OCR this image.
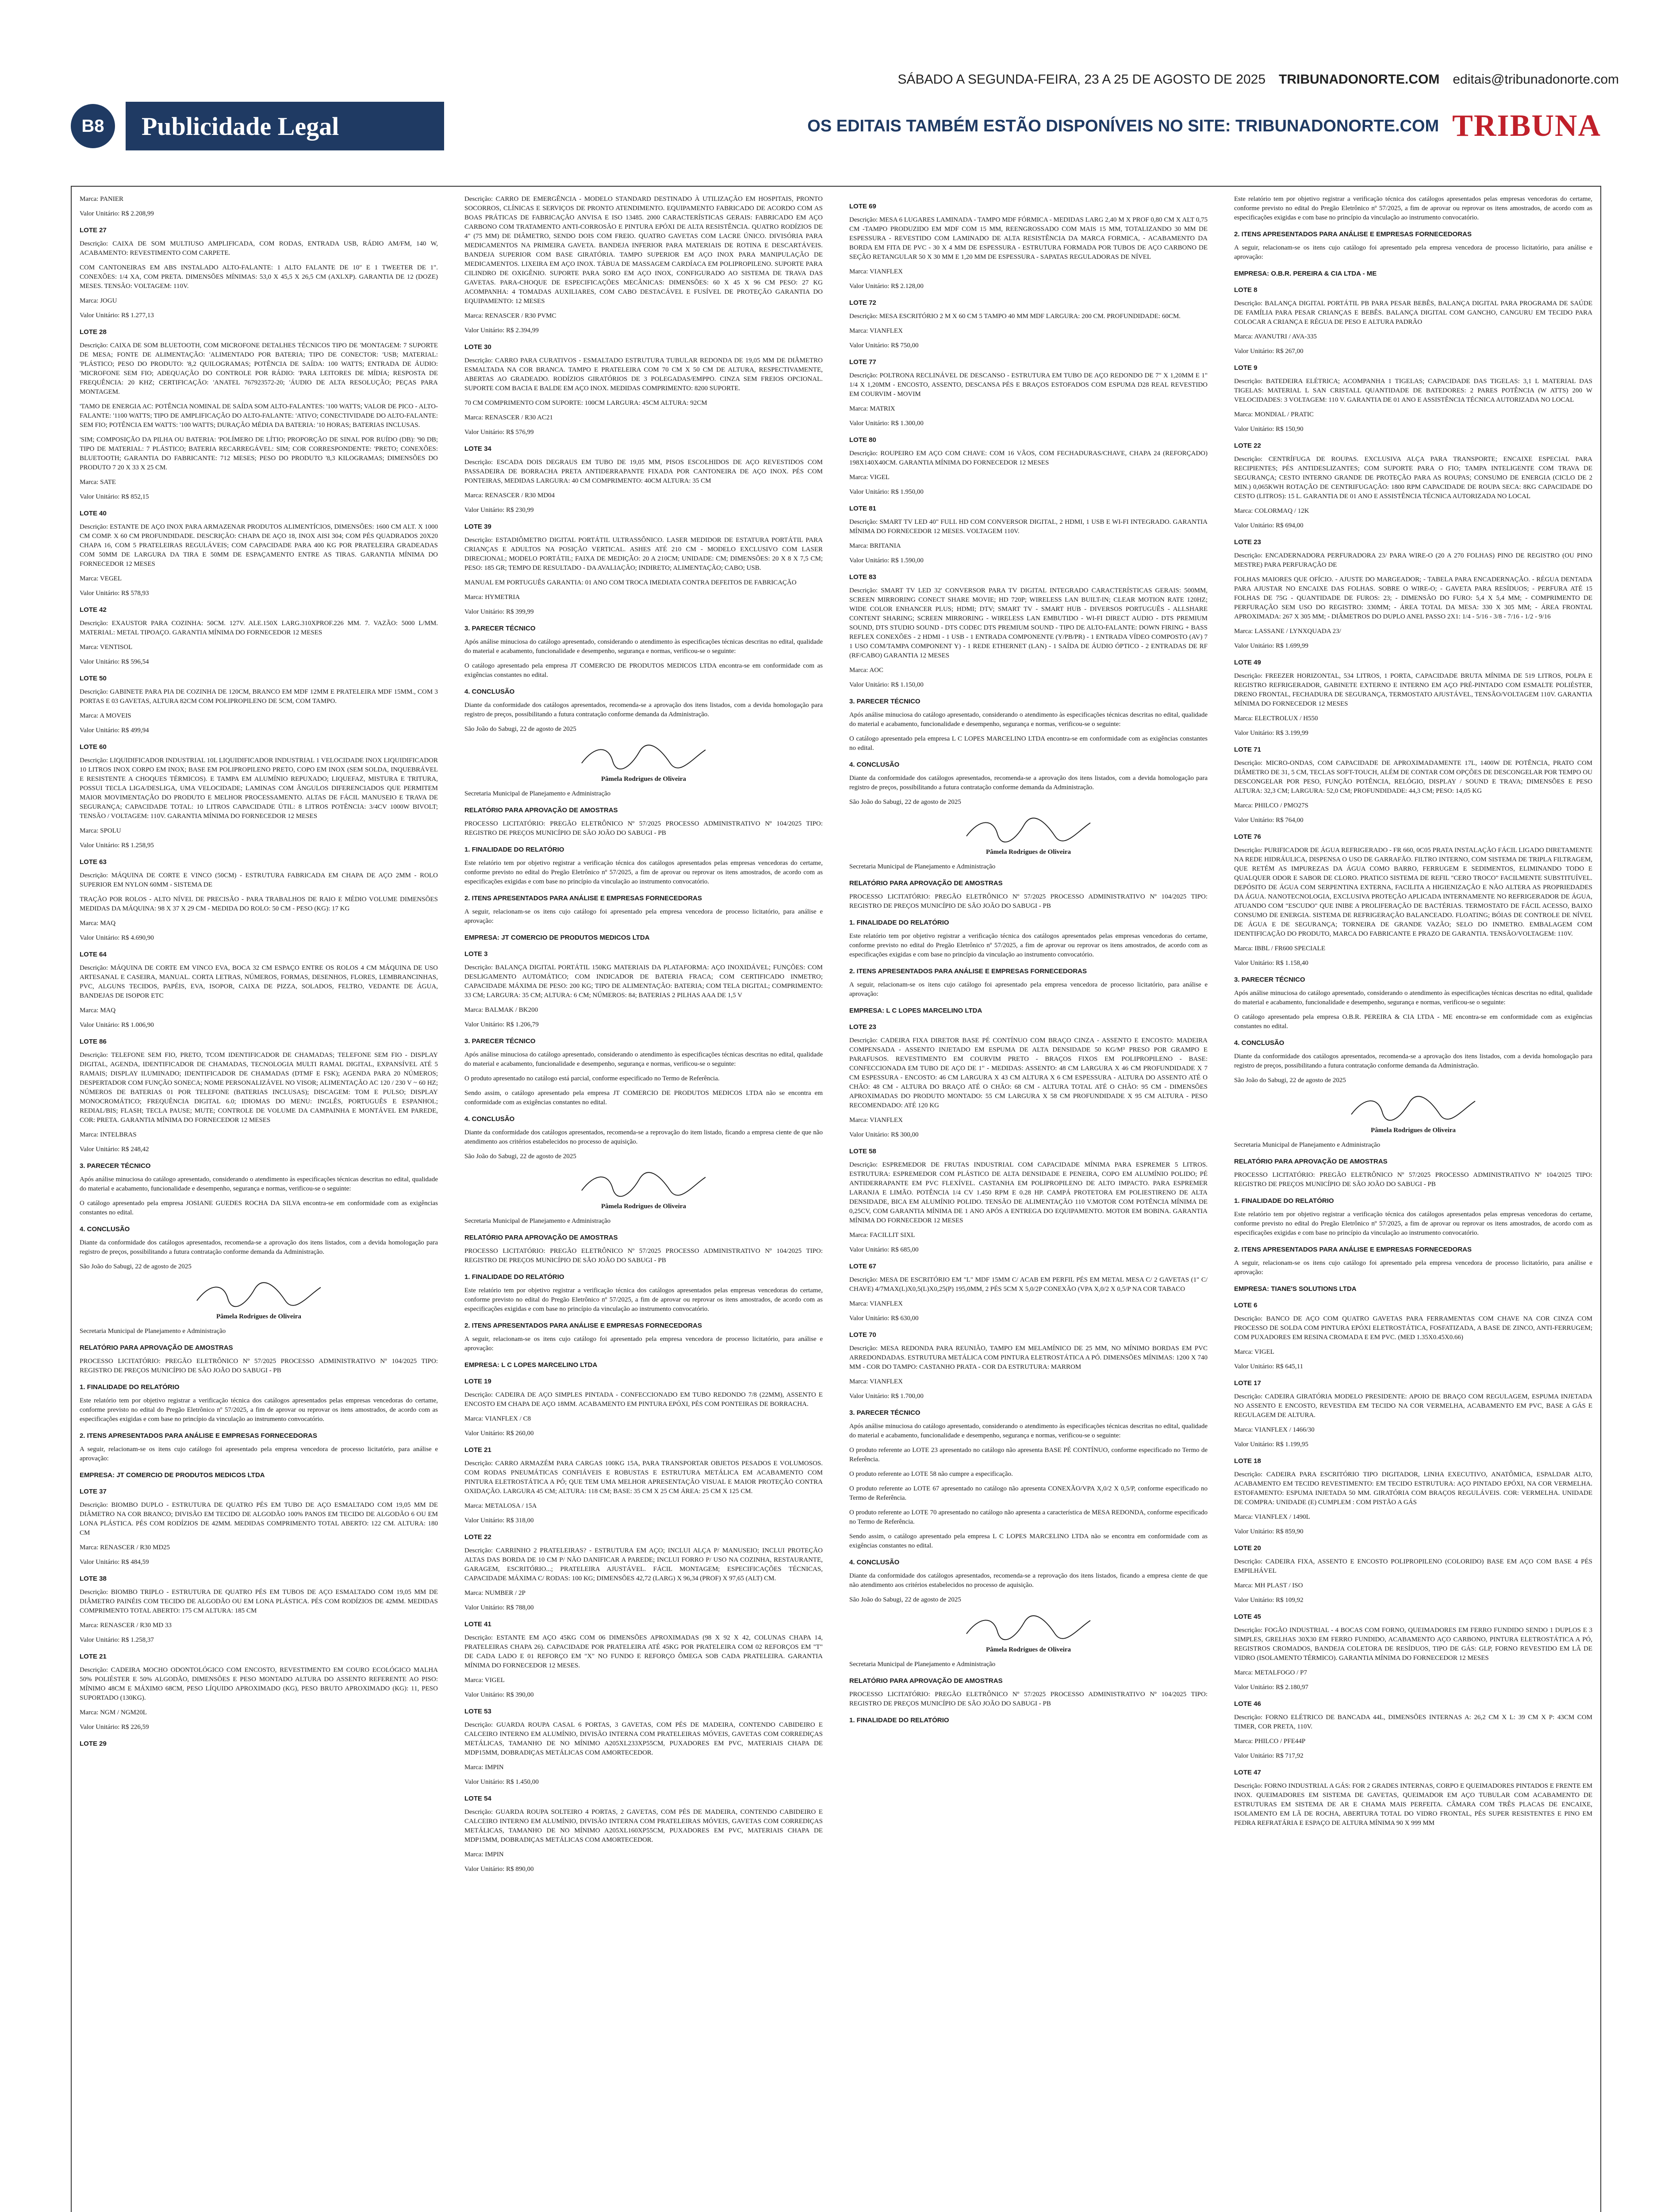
SÁBADO A SEGUNDA-FEIRA, 23 A 25 DE AGOSTO DE 2025 TRIBUNADONORTE.COM editais@tribunadonorte.com
B8	Publicidade Legal	OS EDITAIS TAMBÉM ESTÃO DISPONÍVEIS NO SITE: TRIBUNADONORTE.COM TRIBUNA

Marca: PANIER

Valor Unitário: R$ 2.208,99

LOTE 27

Descrição: CAIXA DE SOM MULTIUSO AMPLIFICADA, COM RODAS, ENTRADA USB, RÁDIO AM/FM, 140 W, ACABAMENTO: REVESTIMENTO COM CARPETE.

COM CANTONEIRAS EM ABS INSTALADO ALTO-FALANTE: 1 ALTO FALANTE DE 10" E 1 TWEETER DE 1". CONEXÕES: 1/4 XA, COM PRETA. DIMENSÕES MÍNIMAS: 53,0 X 45,5 X 26,5 CM (AXLXP). GARANTIA DE 12 (DOZE) MESES. TENSÃO: VOLTAGEM: 110V.

Marca: JOGU

Valor Unitário: R$ 1.277,13

LOTE 28

Descrição: CAIXA DE SOM BLUETOOTH, COM MICROFONE DETALHES TÉCNICOS TIPO DE 'MONTAGEM: 7 SUPORTE DE MESA; FONTE DE ALIMENTAÇÃO: 'ALIMENTADO POR BATERIA; TIPO DE CONECTOR: 'USB; MATERIAL: 'PLÁSTICO; PESO DO PRODUTO: '8,2 QUILOGRAMAS; POTÊNCIA DE SAÍDA: 100 WATTS; ENTRADA DE ÁUDIO: 'MICROFONE SEM FIO; ADEQUAÇÃO DO CONTROLE POR RÁDIO: 'PARA LEITORES DE MÍDIA; RESPOSTA DE FREQUÊNCIA: 20 KHZ; CERTIFICAÇÃO: 'ANATEL 767923572-20; 'ÁUDIO DE ALTA RESOLUÇÃO; PEÇAS PARA MONTAGEM.

'TAMO DE ENERGIA AC: POTÊNCIA NOMINAL DE SAÍDA SOM ALTO-FALANTES: '100 WATTS; VALOR DE PICO - ALTO-FALANTE: '1100 WATTS; TIPO DE AMPLIFICAÇÃO DO ALTO-FALANTE: 'ATIVO; CONECTIVIDADE DO ALTO-FALANTE: SEM FIO; POTÊNCIA EM WATTS: '100 WATTS; DURAÇÃO MÉDIA DA BATERIA: '10 HORAS; BATERIAS INCLUSAS.

'SIM; COMPOSIÇÃO DA PILHA OU BATERIA: 'POLÍMERO DE LÍTIO; PROPORÇÃO DE SINAL POR RUÍDO (DB): '90 DB; TIPO DE MATERIAL: 7 PLÁSTICO; BATERIA RECARREGÁVEL: SIM; COR CORRESPONDENTE: 'PRETO; CONEXÕES: BLUETOOTH; GARANTIA DO FABRICANTE: 712 MESES; PESO DO PRODUTO '8,3 KILOGRAMAS; DIMENSÕES DO PRODUTO 7 20 X 33 X 25 CM.

Marca: SATE

Valor Unitário: R$ 852,15

LOTE 40

Descrição: ESTANTE DE AÇO INOX PARA ARMAZENAR PRODUTOS ALIMENTÍCIOS, DIMENSÕES: 1600 CM ALT. X 1000 CM COMP. X 60 CM PROFUNDIDADE. DESCRIÇÃO: CHAPA DE AÇO 18, INOX AISI 304; COM PÉS QUADRADOS 20X20 CHAPA 16, COM 5 PRATELEIRAS REGULÁVEIS; COM CAPACIDADE PARA 400 KG POR PRATELEIRA GRADEADAS COM 50MM DE LARGURA DA TIRA E 50MM DE ESPAÇAMENTO ENTRE AS TIRAS. GARANTIA MÍNIMA DO FORNECEDOR 12 MESES

Marca: VEGEL

Valor Unitário: R$ 578,93

LOTE 42

Descrição: EXAUSTOR PARA COZINHA: 50CM. 127V. ALE.150X LARG.310XPROF.226 MM. 7. VAZÃO: 5000 L/MM. MATERIAL: METAL TIPOAÇO. GARANTIA MÍNIMA DO FORNECEDOR 12 MESES

Marca: VENTISOL

Valor Unitário: R$ 596,54

LOTE 50

Descrição: GABINETE PARA PIA DE COZINHA DE 120CM, BRANCO EM MDF 12MM E PRATELEIRA MDF 15MM., COM 3 PORTAS E 03 GAVETAS, ALTURA 82CM COM POLIPROPILENO DE 5CM, COM TAMPO.

Marca: A MOVEIS

Valor Unitário: R$ 499,94

LOTE 60

Descrição: LIQUIDIFICADOR INDUSTRIAL 10L LIQUIDIFICADOR INDUSTRIAL 1 VELOCIDADE INOX LIQUIDIFICADOR 10 LITROS INOX CORPO EM INOX; BASE EM POLIPROPILENO PRETO, COPO EM INOX (SEM SOLDA, INQUEBRÁVEL E RESISTENTE A CHOQUES TÉRMICOS). E TAMPA EM ALUMÍNIO REPUXADO; LIQUEFAZ, MISTURA E TRITURA, POSSUI TECLA LIGA/DESLIGA, UMA VELOCIDADE; LAMINAS COM ÂNGULOS DIFERENCIADOS QUE PERMITEM MAIOR MOVIMENTAÇÃO DO PRODUTO E MELHOR PROCESSAMENTO. ALTAS DE FÁCIL MANUSEIO E TRAVA DE SEGURANÇA; CAPACIDADE TOTAL: 10 LITROS CAPACIDADE ÚTIL: 8 LITROS POTÊNCIA: 3/4CV 1000W BIVOLT; TENSÃO / VOLTAGEM: 110V. GARANTIA MÍNIMA DO FORNECEDOR 12 MESES

Marca: SPOLU

Valor Unitário: R$ 1.258,95

LOTE 63

Descrição: MÁQUINA DE CORTE E VINCO (50CM) - ESTRUTURA FABRICADA EM CHAPA DE AÇO 2MM - ROLO SUPERIOR EM NYLON 60MM - SISTEMA DE

TRAÇÃO POR ROLOS - ALTO NÍVEL DE PRECISÃO - PARA TRABALHOS DE RAIO E MÉDIO VOLUME DIMENSÕES MEDIDAS DA MÁQUINA: 98 X 37 X 29 CM - MEDIDA DO ROLO: 50 CM - PESO (KG): 17 KG

Marca: MAQ

Valor Unitário: R$ 4.690,90

LOTE 64

Descrição: MÁQUINA DE CORTE EM VINCO EVA, BOCA 32 CM ESPAÇO ENTRE OS ROLOS 4 CM MÁQUINA DE USO ARTESANAL E CASEIRA, MANUAL. CORTA LETRAS, NÚMEROS, FORMAS, DESENHOS, FLORES, LEMBRANCINHAS, PVC, ALGUNS TECIDOS, PAPÉIS, EVA, ISOPOR, CAIXA DE PIZZA, SOLADOS, FELTRO, VEDANTE DE ÁGUA, BANDEJAS DE ISOPOR ETC

Marca: MAQ

Valor Unitário: R$ 1.006,90

LOTE 86

Descrição: TELEFONE SEM FIO, PRETO, TCOM IDENTIFICADOR DE CHAMADAS; TELEFONE SEM FIO - DISPLAY DIGITAL, AGENDA, IDENTIFICADOR DE CHAMADAS, TECNOLOGIA MULTI RAMAL DIGITAL, EXPANSÍVEL ATÉ 5 RAMAIS; DISPLAY ILUMINADO; IDENTIFICADOR DE CHAMADAS (DTMF E FSK); AGENDA PARA 20 NÚMEROS; DESPERTADOR COM FUNÇÃO SONECA; NOME PERSONALIZÁVEL NO VISOR; ALIMENTAÇÃO AC 120 / 230 V ~ 60 HZ; NÚMEROS DE BATERIAS 01 POR TELEFONE (BATERIAS INCLUSAS); DISCAGEM: TOM E PULSO; DISPLAY MONOCROMÁTICO; FREQUÊNCIA DIGITAL 6.0; IDIOMAS DO MENU: INGLÊS, PORTUGUÊS E ESPANHOL; REDIAL/BIS; FLASH; TECLA PAUSE; MUTE; CONTROLE DE VOLUME DA CAMPAINHA E MONTÁVEL EM PAREDE, COR: PRETA. GARANTIA MÍNIMA DO FORNECEDOR 12 MESES

Marca: INTELBRAS

Valor Unitário: R$ 248,42

3. PARECER TÉCNICO

Após análise minuciosa do catálogo apresentado, considerando o atendimento às especificações técnicas descritas no edital, qualidade do material e acabamento, funcionalidade e desempenho, segurança e normas, verificou-se o seguinte:

O catálogo apresentado pela empresa JOSIANE GUEDES ROCHA DA SILVA encontra-se em conformidade com as exigências constantes no edital.

4. CONCLUSÃO

Diante da conformidade dos catálogos apresentados, recomenda-se a aprovação dos itens listados, com a devida homologação para registro de preços, possibilitando a futura contratação conforme demanda da Administração.

São João do Sabugi, 22 de agosto de 2025

Pâmela Rodrigues de Oliveira

Secretaria Municipal de Planejamento e Administração

RELATÓRIO PARA APROVAÇÃO DE AMOSTRAS

PROCESSO LICITATÓRIO: PREGÃO ELETRÔNICO Nº 57/2025 PROCESSO ADMINISTRATIVO Nº 104/2025 TIPO: REGISTRO DE PREÇOS MUNICÍPIO DE SÃO JOÃO DO SABUGI - PB

1. FINALIDADE DO RELATÓRIO

Este relatório tem por objetivo registrar a verificação técnica dos catálogos apresentados pelas empresas vencedoras do certame, conforme previsto no edital do Pregão Eletrônico nº 57/2025, a fim de aprovar ou reprovar os itens amostrados, de acordo com as especificações exigidas e com base no princípio da vinculação ao instrumento convocatório.

2. ITENS APRESENTADOS PARA ANÁLISE E EMPRESAS FORNECEDORAS

A seguir, relacionam-se os itens cujo catálogo foi apresentado pela empresa vencedora de processo licitatório, para análise e aprovação:

EMPRESA: JT COMERCIO DE PRODUTOS MEDICOS LTDA
LOTE 37

Descrição: BIOMBO DUPLO - ESTRUTURA DE QUATRO PÉS EM TUBO DE AÇO ESMALTADO COM 19,05 MM DE DIÂMETRO NA COR BRANCO; DIVISÃO EM TECIDO DE ALGODÃO 100% PANOS EM TECIDO DE ALGODÃO 6 OU EM LONA PLÁSTICA. PÉS COM RODÍZIOS DE 42MM. MEDIDAS COMPRIMENTO TOTAL ABERTO: 122 CM. ALTURA: 180 CM

Marca: RENASCER / R30 MD25

Valor Unitário: R$ 484,59

LOTE 38

Descrição: BIOMBO TRIPLO - ESTRUTURA DE QUATRO PÉS EM TUBOS DE AÇO ESMALTADO COM 19,05 MM DE DIÂMETRO PAINÉIS COM TECIDO DE ALGODÃO OU EM LONA PLÁSTICA. PÉS COM RODÍZIOS DE 42MM. MEDIDAS COMPRIMENTO TOTAL ABERTO: 175 CM ALTURA: 185 CM

Marca: RENASCER / R30 MD 33

Valor Unitário: R$ 1.258,37

LOTE 21

Descrição: CADEIRA MOCHO ODONTOLÓGICO COM ENCOSTO, REVESTIMENTO EM COURO ECOLÓGICO MALHA 50% POLIÉSTER E 50% ALGODÃO, DIMENSÕES E PESO MONTADO ALTURA DO ASSENTO REFERENTE AO PISO: MÍNIMO 48CM E MÁXIMO 68CM, PESO LÍQUIDO APROXIMADO (KG), PESO BRUTO APROXIMADO (KG): 11, PESO SUPORTADO (130KG).

Marca: NGM / NGM20L

Valor Unitário: R$ 226,59

LOTE 29

Descrição: CARRO DE EMERGÊNCIA - MODELO STANDARD DESTINADO À UTILIZAÇÃO EM HOSPITAIS, PRONTO SOCORROS, CLÍNICAS E SERVIÇOS DE PRONTO ATENDIMENTO. EQUIPAMENTO FABRICADO DE ACORDO COM AS BOAS PRÁTICAS DE FABRICAÇÃO ANVISA E ISO 13485. 2000 CARACTERÍSTICAS GERAIS: FABRICADO EM AÇO CARBONO COM TRATAMENTO ANTI-CORROSÃO E PINTURA EPÓXI DE ALTA RESISTÊNCIA. QUATRO RODÍZIOS DE 4" (75 MM) DE DIÂMETRO, SENDO DOIS COM FREIO. QUATRO GAVETAS COM LACRE ÚNICO. DIVISÓRIA PARA MEDICAMENTOS NA PRIMEIRA GAVETA. BANDEJA INFERIOR PARA MATERIAIS DE ROTINA E DESCARTÁVEIS. BANDEJA SUPERIOR COM BASE GIRATÓRIA. TAMPO SUPERIOR EM AÇO INOX PARA MANIPULAÇÃO DE MEDICAMENTOS. LIXEIRA EM AÇO INOX. TÁBUA DE MASSAGEM CARDÍACA EM POLIPROPILENO. SUPORTE PARA CILINDRO DE OXIGÊNIO. SUPORTE PARA SORO EM AÇO INOX, CONFIGURADO AO SISTEMA DE TRAVA DAS GAVETAS. PARA-CHOQUE DE ESPECIFICAÇÕES MECÂNICAS: DIMENSÕES: 60 X 45 X 96 CM PESO: 27 KG ACOMPANHA: 4 TOMADAS AUXILIARES, COM CABO DESTACÁVEL E FUSÍVEL DE PROTEÇÃO GARANTIA DO EQUIPAMENTO: 12 MESES

Marca: RENASCER / R30 PVMC

Valor Unitário: R$ 2.394,99

LOTE 30

Descrição: CARRO PARA CURATIVOS - ESMALTADO ESTRUTURA TUBULAR REDONDA DE 19,05 MM DE DIÂMETRO ESMALTADA NA COR BRANCA. TAMPO E PRATELEIRA COM 70 CM X 50 CM DE ALTURA, RESPECTIVAMENTE, ABERTAS AO GRADEADO. RODÍZIOS GIRATÓRIOS DE 3 POLEGADAS/EMPPO. CINZA SEM FREIOS OPCIONAL. SUPORTE COM BACIA E BALDE EM AÇO INOX. MEDIDAS COMPRIMENTO: 8200 SUPORTE.

70 CM COMPRIMENTO COM SUPORTE: 100CM LARGURA: 45CM ALTURA: 92CM

Marca: RENASCER / R30 AC21

Valor Unitário: R$ 576,99

LOTE 34

Descrição: ESCADA DOIS DEGRAUS EM TUBO DE 19,05 MM, PISOS ESCOLHIDOS DE AÇO REVESTIDOS COM PASSADEIRA DE BORRACHA PRETA ANTIDERRAPANTE FIXADA POR CANTONEIRA DE AÇO INOX. PÉS COM PONTEIRAS, MEDIDAS LARGURA: 40 CM COMPRIMENTO: 40CM ALTURA: 35 CM

Marca: RENASCER / R30 MD04

Valor Unitário: R$ 230,99

LOTE 39

Descrição: ESTADIÔMETRO DIGITAL PORTÁTIL ULTRASSÔNICO. LASER MEDIDOR DE ESTATURA PORTÁTIL PARA CRIANÇAS E ADULTOS NA POSIÇÃO VERTICAL. ASHES ATÉ 210 CM - MODELO EXCLUSIVO COM LASER DIRECIONAL; MODELO PORTÁTIL; FAIXA DE MEDIÇÃO: 20 A 210CM; UNIDADE: CM; DIMENSÕES: 20 X 8 X 7,5 CM; PESO: 185 GR; TEMPO DE RESULTADO - DA AVALIAÇÃO; INDIRETO; ALIMENTAÇÃO; CABO; USB.

MANUAL EM PORTUGUÊS GARANTIA: 01 ANO COM TROCA IMEDIATA CONTRA DEFEITOS DE FABRICAÇÃO

Marca: HYMETRIA

Valor Unitário: R$ 399,99

3. PARECER TÉCNICO

Após análise minuciosa do catálogo apresentado, considerando o atendimento às especificações técnicas descritas no edital, qualidade do material e acabamento, funcionalidade e desempenho, segurança e normas, verificou-se o seguinte:

O catálogo apresentado pela empresa JT COMERCIO DE PRODUTOS MEDICOS LTDA encontra-se em conformidade com as exigências constantes no edital.

4. CONCLUSÃO

Diante da conformidade dos catálogos apresentados, recomenda-se a aprovação dos itens listados, com a devida homologação para registro de preços, possibilitando a futura contratação conforme demanda da Administração.

São João do Sabugi, 22 de agosto de 2025

Pâmela Rodrigues de Oliveira

Secretaria Municipal de Planejamento e Administração

RELATÓRIO PARA APROVAÇÃO DE AMOSTRAS

PROCESSO LICITATÓRIO: PREGÃO ELETRÔNICO Nº 57/2025 PROCESSO ADMINISTRATIVO Nº 104/2025 TIPO: REGISTRO DE PREÇOS MUNICÍPIO DE SÃO JOÃO DO SABUGI - PB

1. FINALIDADE DO RELATÓRIO

Este relatório tem por objetivo registrar a verificação técnica dos catálogos apresentados pelas empresas vencedoras do certame, conforme previsto no edital do Pregão Eletrônico nº 57/2025, a fim de aprovar ou reprovar os itens amostrados, de acordo com as especificações exigidas e com base no princípio da vinculação ao instrumento convocatório.

2. ITENS APRESENTADOS PARA ANÁLISE E EMPRESAS FORNECEDORAS

A seguir, relacionam-se os itens cujo catálogo foi apresentado pela empresa vencedora de processo licitatório, para análise e aprovação:

EMPRESA: JT COMERCIO DE PRODUTOS MEDICOS LTDA
LOTE 3

Descrição: BALANÇA DIGITAL PORTÁTIL 150KG MATERIAIS DA PLATAFORMA: AÇO INOXIDÁVEL; FUNÇÕES: COM DESLIGAMENTO AUTOMÁTICO; COM INDICADOR DE BATERIA FRACA; COM CERTIFICADO INMETRO; CAPACIDADE MÁXIMA DE PESO: 200 KG; TIPO DE ALIMENTAÇÃO: BATERIA; COM TELA DIGITAL; COMPRIMENTO: 33 CM; LARGURA: 35 CM; ALTURA: 6 CM; NÚMEROS: 84; BATERIAS 2 PILHAS AAA DE 1,5 V

Marca: BALMAK / BK200

Valor Unitário: R$ 1.206,79

3. PARECER TÉCNICO

Após análise minuciosa do catálogo apresentado, considerando o atendimento às especificações técnicas descritas no edital, qualidade do material e acabamento, funcionalidade e desempenho, segurança e normas, verificou-se o seguinte:

O produto apresentado no catálogo está parcial, conforme especificado no Termo de Referência.

Sendo assim, o catálogo apresentado pela empresa JT COMERCIO DE PRODUTOS MEDICOS LTDA não se encontra em conformidade com as exigências constantes no edital.

4. CONCLUSÃO

Diante da conformidade dos catálogos apresentados, recomenda-se a reprovação do item listado, ficando a empresa ciente de que não atendimento aos critérios estabelecidos no processo de aquisição.

São João do Sabugi, 22 de agosto de 2025

Pâmela Rodrigues de Oliveira

Secretaria Municipal de Planejamento e Administração

RELATÓRIO PARA APROVAÇÃO DE AMOSTRAS

PROCESSO LICITATÓRIO: PREGÃO ELETRÔNICO Nº 57/2025 PROCESSO ADMINISTRATIVO Nº 104/2025 TIPO: REGISTRO DE PREÇOS MUNICÍPIO DE SÃO JOÃO DO SABUGI - PB

1. FINALIDADE DO RELATÓRIO

Este relatório tem por objetivo registrar a verificação técnica dos catálogos apresentados pelas empresas vencedoras do certame, conforme previsto no edital do Pregão Eletrônico nº 57/2025, a fim de aprovar ou reprovar os itens amostrados, de acordo com as especificações exigidas e com base no princípio da vinculação ao instrumento convocatório.

2. ITENS APRESENTADOS PARA ANÁLISE E EMPRESAS FORNECEDORAS

A seguir, relacionam-se os itens cujo catálogo foi apresentado pela empresa vencedora de processo licitatório, para análise e aprovação:

EMPRESA: L C LOPES MARCELINO LTDA
LOTE 19

Descrição: CADEIRA DE AÇO SIMPLES PINTADA - CONFECCIONADO EM TUBO REDONDO 7/8 (22MM), ASSENTO E ENCOSTO EM CHAPA DE AÇO 18MM. ACABAMENTO EM PINTURA EPÓXI, PÉS COM PONTEIRAS DE BORRACHA.

Marca: VIANFLEX / C8

Valor Unitário: R$ 260,00

LOTE 21

Descrição: CARRO ARMAZÉM PARA CARGAS 100KG 15A, PARA TRANSPORTAR OBJETOS PESADOS E VOLUMOSOS. COM RODAS PNEUMÁTICAS CONFIÁVEIS E ROBUSTAS E ESTRUTURA METÁLICA EM ACABAMENTO COM PINTURA ELETROSTÁTICA A PÓ; QUE TEM UMA MELHOR APRESENTAÇÃO VISUAL E MAIOR PROTEÇÃO CONTRA OXIDAÇÃO. LARGURA 45 CM; ALTURA: 118 CM; BASE: 35 CM X 25 CM ÁREA: 25 CM X 125 CM.

Marca: METALOSA / 15A

Valor Unitário: R$ 318,00

LOTE 22

Descrição: CARRINHO 2 PRATELEIRAS? - ESTRUTURA EM AÇO; INCLUI ALÇA P/ MANUSEIO; INCLUI PROTEÇÃO ALTAS DAS BORDA DE 10 CM P/ NÃO DANIFICAR A PAREDE; INCLUI FORRO P/ USO NA COZINHA, RESTAURANTE, GARAGEM, ESCRITÓRIO...; PRATELEIRA AJUSTÁVEL. FÁCIL MONTAGEM; ESPECIFICAÇÕES TÉCNICAS, CAPACIDADE MÁXIMA C/ RODAS: 100 KG; DIMENSÕES 42,72 (LARG) X 96,34 (PROF) X 97,65 (ALT) CM.

Marca: NUMBER / 2P

Valor Unitário: R$ 788,00

LOTE 41

Descrição: ESTANTE EM AÇO 45KG COM 06 DIMENSÕES APROXIMADAS (98 X 92 X 42, COLUNAS CHAPA 14, PRATELEIRAS CHAPA 26). CAPACIDADE POR PRATELEIRA ATÉ 45KG POR PRATELEIRA COM 02 REFORÇOS EM "T" DE CADA LADO E 01 REFORÇO EM "X" NO FUNDO E REFORÇO ÔMEGA SOB CADA PRATELEIRA. GARANTIA MÍNIMA DO FORNECEDOR 12 MESES.

Marca: VIGEL

Valor Unitário: R$ 390,00

LOTE 53

Descrição: GUARDA ROUPA CASAL 6 PORTAS, 3 GAVETAS, COM PÉS DE MADEIRA, CONTENDO CABIDEIRO E CALCEIRO INTERNO EM ALUMÍNIO, DIVISÃO INTERNA COM PRATELEIRAS MÓVEIS, GAVETAS COM CORREDIÇAS METÁLICAS, TAMANHO DE NO MÍNIMO A205XL233XP55CM, PUXADORES EM PVC, MATERIAIS CHAPA DE MDP15MM, DOBRADIÇAS METÁLICAS COM AMORTECEDOR.

Marca: IMPIN

Valor Unitário: R$ 1.450,00

LOTE 54

Descrição: GUARDA ROUPA SOLTEIRO 4 PORTAS, 2 GAVETAS, COM PÉS DE MADEIRA, CONTENDO CABIDEIRO E CALCEIRO INTERNO EM ALUMÍNIO, DIVISÃO INTERNA COM PRATELEIRAS MÓVEIS, GAVETAS COM CORREDIÇAS METÁLICAS, TAMANHO DE NO MÍNIMO A205XL160XP55CM, PUXADORES EM PVC, MATERIAIS CHAPA DE MDP15MM, DOBRADIÇAS METÁLICAS COM AMORTECEDOR.

Marca: IMPIN

Valor Unitário: R$ 890,00

LOTE 69

Descrição: MESA 6 LUGARES LAMINADA - TAMPO MDF FÓRMICA - MEDIDAS LARG 2,40 M X PROF 0,80 CM X ALT 0,75 CM -TAMPO PRODUZIDO EM MDF COM 15 MM, REENGROSSADO COM MAIS 15 MM, TOTALIZANDO 30 MM DE ESPESSURA - REVESTIDO COM LAMINADO DE ALTA RESISTÊNCIA DA MARCA FORMICA, - ACABAMENTO DA BORDA EM FITA DE PVC - 30 X 4 MM DE ESPESSURA - ESTRUTURA FORMADA POR TUBOS DE AÇO CARBONO DE SEÇÃO RETANGULAR 50 X 30 MM E 1,20 MM DE ESPESSURA - SAPATAS REGULADORAS DE NÍVEL

Marca: VIANFLEX

Valor Unitário: R$ 2.128,00

LOTE 72

Descrição: MESA ESCRITÓRIO 2 M X 60 CM 5 TAMPO 40 MM MDF LARGURA: 200 CM. PROFUNDIDADE: 60CM.

Marca: VIANFLEX

Valor Unitário: R$ 750,00

LOTE 77

Descrição: POLTRONA RECLINÁVEL DE DESCANSO - ESTRUTURA EM TUBO DE AÇO REDONDO DE 7" X 1,20MM E 1" 1/4 X 1,20MM - ENCOSTO, ASSENTO, DESCANSA PÉS E BRAÇOS ESTOFADOS COM ESPUMA D28 REAL REVESTIDO EM COURVIM - MOVIM

Marca: MATRIX

Valor Unitário: R$ 1.300,00

LOTE 80

Descrição: ROUPEIRO EM AÇO COM CHAVE: COM 16 VÃOS, COM FECHADURAS/CHAVE, CHAPA 24 (REFORÇADO) 198X140X40CM. GARANTIA MÍNIMA DO FORNECEDOR 12 MESES

Marca: VIGEL

Valor Unitário: R$ 1.950,00

LOTE 81

Descrição: SMART TV LED 40" FULL HD COM CONVERSOR DIGITAL, 2 HDMI, 1 USB E WI-FI INTEGRADO. GARANTIA MÍNIMA DO FORNECEDOR 12 MESES. VOLTAGEM 110V.

Marca: BRITANIA

Valor Unitário: R$ 1.590,00

LOTE 83

Descrição: SMART TV LED 32' CONVERSOR PARA TV DIGITAL INTEGRADO CARACTERÍSTICAS GERAIS: 500MM, SCREEN MIRRORING CONECT SHARE MOVIE; HD 720P; WIRELESS LAN BUILT-IN; CLEAR MOTION RATE 120HZ; WIDE COLOR ENHANCER PLUS; HDMI; DTV; SMART TV - SMART HUB - DIVERSOS PORTUGUÊS - ALLSHARE CONTENT SHARING; SCREEN MIRRORING - WIRELESS LAN EMBUTIDO - WI-FI DIRECT AUDIO - DTS PREMIUM SOUND, DTS STUDIO SOUND - DTS CODEC DTS PREMIUM SOUND - TIPO DE ALTO-FALANTE: DOWN FIRING + BASS REFLEX CONEXÕES - 2 HDMI - 1 USB - 1 ENTRADA COMPONENTE (Y/PB/PR) - 1 ENTRADA VÍDEO COMPOSTO (AV) 7 1 USO COM/TAMPA COMPONENT Y) - 1 REDE ETHERNET (LAN) - 1 SAÍDA DE ÁUDIO ÓPTICO - 2 ENTRADAS DE RF (RF/CABO) GARANTIA 12 MESES

Marca: AOC

Valor Unitário: R$ 1.150,00

3. PARECER TÉCNICO

Após análise minuciosa do catálogo apresentado, considerando o atendimento às especificações técnicas descritas no edital, qualidade do material e acabamento, funcionalidade e desempenho, segurança e normas, verificou-se o seguinte:

O catálogo apresentado pela empresa L C LOPES MARCELINO LTDA encontra-se em conformidade com as exigências constantes no edital.

4. CONCLUSÃO

Diante da conformidade dos catálogos apresentados, recomenda-se a aprovação dos itens listados, com a devida homologação para registro de preços, possibilitando a futura contratação conforme demanda da Administração.

São João do Sabugi, 22 de agosto de 2025

Pâmela Rodrigues de Oliveira

Secretaria Municipal de Planejamento e Administração

RELATÓRIO PARA APROVAÇÃO DE AMOSTRAS

PROCESSO LICITATÓRIO: PREGÃO ELETRÔNICO Nº 57/2025 PROCESSO ADMINISTRATIVO Nº 104/2025 TIPO: REGISTRO DE PREÇOS MUNICÍPIO DE SÃO JOÃO DO SABUGI - PB

1. FINALIDADE DO RELATÓRIO

Este relatório tem por objetivo registrar a verificação técnica dos catálogos apresentados pelas empresas vencedoras do certame, conforme previsto no edital do Pregão Eletrônico nº 57/2025, a fim de aprovar ou reprovar os itens amostrados, de acordo com as especificações exigidas e com base no princípio da vinculação ao instrumento convocatório.

2. ITENS APRESENTADOS PARA ANÁLISE E EMPRESAS FORNECEDORAS

A seguir, relacionam-se os itens cujo catálogo foi apresentado pela empresa vencedora de processo licitatório, para análise e aprovação:

EMPRESA: L C LOPES MARCELINO LTDA
LOTE 23

Descrição: CADEIRA FIXA DIRETOR BASE PÉ CONTÍNUO COM BRAÇO CINZA - ASSENTO E ENCOSTO: MADEIRA COMPENSADA - ASSENTO INJETADO EM ESPUMA DE ALTA DENSIDADE 50 KG/M³ PRESO POR GRAMPO E PARAFUSOS. REVESTIMENTO EM COURVIM PRETO - BRAÇOS FIXOS EM POLIPROPILENO - BASE: CONFECCIONADA EM TUBO DE AÇO DE 1" - MEDIDAS: ASSENTO: 48 CM LARGURA X 46 CM PROFUNDIDADE X 7 CM ESPESSURA - ENCOSTO: 46 CM LARGURA X 43 CM ALTURA X 6 CM ESPESSURA - ALTURA DO ASSENTO ATÉ O CHÃO: 48 CM - ALTURA DO BRAÇO ATÉ O CHÃO: 68 CM - ALTURA TOTAL ATÉ O CHÃO: 95 CM - DIMENSÕES APROXIMADAS DO PRODUTO MONTADO: 55 CM LARGURA X 58 CM PROFUNDIDADE X 95 CM ALTURA - PESO RECOMENDADO: ATÉ 120 KG

Marca: VIANFLEX

Valor Unitário: R$ 300,00

LOTE 58

Descrição: ESPREMEDOR DE FRUTAS INDUSTRIAL COM CAPACIDADE MÍNIMA PARA ESPREMER 5 LITROS. ESTRUTURA: ESPREMEDOR COM PLÁSTICO DE ALTA DENSIDADE E PENEIRA, COPO EM ALUMÍNIO POLIDO; PÉ ANTIDERRAPANTE EM PVC FLEXÍVEL. CASTANHA EM POLIPROPILENO DE ALTO IMPACTO. PARA ESPREMER LARANJA E LIMÃO. POTÊNCIA 1/4 CV 1.450 RPM E 0.28 HP. CAMPÁ PROTETORA EM POLIESTIRENO DE ALTA DENSIDADE, BICA EM ALUMÍNIO POLIDO. TENSÃO DE ALIMENTAÇÃO 110 V.MOTOR COM POTÊNCIA MÍNIMA DE 0,25CV, COM GARANTIA MÍNIMA DE 1 ANO APÓS A ENTREGA DO EQUIPAMENTO. MOTOR EM BOBINA. GARANTIA MÍNIMA DO FORNECEDOR 12 MESES

Marca: FACILLIT SIXL

Valor Unitário: R$ 685,00

LOTE 67

Descrição: MESA DE ESCRITÓRIO EM "L" MDF 15MM C/ ACAB EM PERFIL PÉS EM METAL MESA C/ 2 GAVETAS (1" C/ CHAVE) 4/7MAX(L)X0,5(L)X0,25(P) 195,0MM, 2 PÉS 5CM X 5,0/2P CONEXÃO (VPA X,0/2 X 0,5/P NA COR TABACO

Marca: VIANFLEX

Valor Unitário: R$ 630,00

LOTE 70

Descrição: MESA REDONDA PARA REUNIÃO, TAMPO EM MELAMÍNICO DE 25 MM, NO MÍNIMO BORDAS EM PVC ARREDONDADAS. ESTRUTURA METÁLICA COM PINTURA ELETROSTÁTICA A PÓ. DIMENSÕES MÍNIMAS: 1200 X 740 MM - COR DO TAMPO: CASTANHO PRATA - COR DA ESTRUTURA: MARROM

Marca: VIANFLEX

Valor Unitário: R$ 1.700,00

3. PARECER TÉCNICO

Após análise minuciosa do catálogo apresentado, considerando o atendimento às especificações técnicas descritas no edital, qualidade do material e acabamento, funcionalidade e desempenho, segurança e normas, verificou-se o seguinte:

O produto referente ao LOTE 23 apresentado no catálogo não apresenta BASE PÉ CONTÍNUO, conforme especificado no Termo de Referência.

O produto referente ao LOTE 58 não cumpre a especificação.

O produto referente ao LOTE 67 apresentado no catálogo não apresenta CONEXÃO/VPA X,0/2 X 0,5/P, conforme especificado no Termo de Referência.

O produto referente ao LOTE 70 apresentado no catálogo não apresenta a característica de MESA REDONDA, conforme especificado no Termo de Referência.

Sendo assim, o catálogo apresentado pela empresa L C LOPES MARCELINO LTDA não se encontra em conformidade com as exigências constantes no edital.

4. CONCLUSÃO

Diante da conformidade dos catálogos apresentados, recomenda-se a reprovação dos itens listados, ficando a empresa ciente de que não atendimento aos critérios estabelecidos no processo de aquisição.

São João do Sabugi, 22 de agosto de 2025

Pâmela Rodrigues de Oliveira

Secretaria Municipal de Planejamento e Administração

RELATÓRIO PARA APROVAÇÃO DE AMOSTRAS

PROCESSO LICITATÓRIO: PREGÃO ELETRÔNICO Nº 57/2025 PROCESSO ADMINISTRATIVO Nº 104/2025 TIPO: REGISTRO DE PREÇOS MUNICÍPIO DE SÃO JOÃO DO SABUGI - PB

1. FINALIDADE DO RELATÓRIO

Este relatório tem por objetivo registrar a verificação técnica dos catálogos apresentados pelas empresas vencedoras do certame, conforme previsto no edital do Pregão Eletrônico nº 57/2025, a fim de aprovar ou reprovar os itens amostrados, de acordo com as especificações exigidas e com base no princípio da vinculação ao instrumento convocatório.

2. ITENS APRESENTADOS PARA ANÁLISE E EMPRESAS FORNECEDORAS

A seguir, relacionam-se os itens cujo catálogo foi apresentado pela empresa vencedora de processo licitatório, para análise e aprovação:

EMPRESA: O.B.R. PEREIRA & CIA LTDA - ME
LOTE 8

Descrição: BALANÇA DIGITAL PORTÁTIL PB PARA PESAR BEBÊS, BALANÇA DIGITAL PARA PROGRAMA DE SAÚDE DE FAMÍLIA PARA PESAR CRIANÇAS E BEBÊS. BALANÇA DIGITAL COM GANCHO, CANGURU EM TECIDO PARA COLOCAR A CRIANÇA E RÉGUA DE PESO E ALTURA PADRÃO

Marca: AVANUTRI / AVA-335

Valor Unitário: R$ 267,00

LOTE 9

Descrição: BATEDEIRA ELÉTRICA; ACOMPANHA 1 TIGELAS; CAPACIDADE DAS TIGELAS: 3,1 L MATERIAL DAS TIGELAS: MATERIAL L SAN CRISTALL QUANTIDADE DE BATEDORES: 2 PARES POTÊNCIA (W ATTS) 200 W VELOCIDADES: 3 VOLTAGEM: 110 V. GARANTIA DE 01 ANO E ASSISTÊNCIA TÉCNICA AUTORIZADA NO LOCAL

Marca: MONDIAL / PRATIC

Valor Unitário: R$ 150,90

LOTE 22

Descrição: CENTRÍFUGA DE ROUPAS. EXCLUSIVA ALÇA PARA TRANSPORTE; ENCAIXE ESPECIAL PARA RECIPIENTES; PÉS ANTIDESLIZANTES; COM SUPORTE PARA O FIO; TAMPA INTELIGENTE COM TRAVA DE SEGURANÇA; CESTO INTERNO GRANDE DE PROTEÇÃO PARA AS ROUPAS; CONSUMO DE ENERGIA (CICLO DE 2 MIN.) 0,065KWH ROTAÇÃO DE CENTRIFUGAÇÃO: 1800 RPM CAPACIDADE DE ROUPA SECA: 8KG CAPACIDADE DO CESTO (LITROS): 15 L. GARANTIA DE 01 ANO E ASSISTÊNCIA TÉCNICA AUTORIZADA NO LOCAL

Marca: COLORMAQ / 12K

Valor Unitário: R$ 694,00

LOTE 23

Descrição: ENCADERNADORA PERFURADORA 23/ PARA WIRE-O (20 A 270 FOLHAS) PINO DE REGISTRO (OU PINO MESTRE) PARA PERFURAÇÃO DE

FOLHAS MAIORES QUE OFÍCIO. - AJUSTE DO MARGEADOR; - TABELA PARA ENCADERNAÇÃO. - RÉGUA DENTADA PARA AJUSTAR NO ENCAIXE DAS FOLHAS. SOBRE O WIRE-O; - GAVETA PARA RESÍDUOS; - PERFURA ATÉ 15 FOLHAS DE 75G - QUANTIDADE DE FUROS: 23; - DIMENSÃO DO FURO: 5,4 X 5,4 MM; - COMPRIMENTO DE PERFURAÇÃO SEM USO DO REGISTRO: 330MM; - ÁREA TOTAL DA MESA: 330 X 305 MM; - ÁREA FRONTAL APROXIMADA: 267 X 305 MM; - DIÂMETROS DO DUPLO ANEL PASSO 2X1: 1/4 - 5/16 - 3/8 - 7/16 - 1/2 - 9/16

Marca: LASSANE / LYNXQUADA 23/

Valor Unitário: R$ 1.699,99

LOTE 49

Descrição: FREEZER HORIZONTAL, 534 LITROS, 1 PORTA, CAPACIDADE BRUTA MÍNIMA DE 519 LITROS, POLPA E REGISTRO REFRIGERADOR, GABINETE EXTERNO E INTERNO EM AÇO PRÉ-PINTADO COM ESMALTE POLIÉSTER, DRENO FRONTAL, FECHADURA DE SEGURANÇA, TERMOSTATO AJUSTÁVEL, TENSÃO/VOLTAGEM 110V. GARANTIA MÍNIMA DO FORNECEDOR 12 MESES

Marca: ELECTROLUX / H550

Valor Unitário: R$ 3.199,99

LOTE 71

Descrição: MICRO-ONDAS, COM CAPACIDADE DE APROXIMADAMENTE 17L, 1400W DE POTÊNCIA, PRATO COM DIÂMETRO DE 31, 5 CM, TECLAS SOFT-TOUCH, ALÉM DE CONTAR COM OPÇÕES DE DESCONGELAR POR TEMPO OU DESCONGELAR POR PESO, FUNÇÃO POTÊNCIA, RELÓGIO, DISPLAY / SOUND E TRAVA; DIMENSÕES E PESO ALTURA: 32,3 CM; LARGURA: 52,0 CM; PROFUNDIDADE: 44,3 CM; PESO: 14,05 KG

Marca: PHILCO / PMO27S

Valor Unitário: R$ 764,00

LOTE 76

Descrição: PURIFICADOR DE ÁGUA REFRIGERADO - FR 660, 0C05 PRATA INSTALAÇÃO FÁCIL LIGADO DIRETAMENTE NA REDE HIDRÁULICA, DISPENSA O USO DE GARRAFÃO. FILTRO INTERNO, COM SISTEMA DE TRIPLA FILTRAGEM, QUE RETÉM AS IMPUREZAS DA ÁGUA COMO BARRO, FERRUGEM E SEDIMENTOS, ELIMINANDO TODO E QUALQUER ODOR E SABOR DE CLORO. PRATICO SISTEMA DE REFIL "CERO TROCO" FACILMENTE SUBSTITUÍVEL. DEPÓSITO DE ÁGUA COM SERPENTINA EXTERNA, FACILITA A HIGIENIZAÇÃO E NÃO ALTERA AS PROPRIEDADES DA ÁGUA. NANOTECNOLOGIA, EXCLUSIVA PROTEÇÃO APLICADA INTERNAMENTE NO REFRIGERADOR DE ÁGUA, ATUANDO COM "ESCUDO" QUE INIBE A PROLIFERAÇÃO DE BACTÉRIAS. TERMOSTATO DE FÁCIL ACESSO, BAIXO CONSUMO DE ENERGIA. SISTEMA DE REFRIGERAÇÃO BALANCEADO. FLOATING; BÓIAS DE CONTROLE DE NÍVEL DE ÁGUA E DE SEGURANÇA; TORNEIRA DE GRANDE VAZÃO; SELO DO INMETRO. EMBALAGEM COM IDENTIFICAÇÃO DO PRODUTO, MARCA DO FABRICANTE E PRAZO DE GARANTIA. TENSÃO/VOLTAGEM: 110V.

Marca: IBBL / FR600 SPECIALE

Valor Unitário: R$ 1.158,40

3. PARECER TÉCNICO

Após análise minuciosa do catálogo apresentado, considerando o atendimento às especificações técnicas descritas no edital, qualidade do material e acabamento, funcionalidade e desempenho, segurança e normas, verificou-se o seguinte:

O catálogo apresentado pela empresa O.B.R. PEREIRA & CIA LTDA - ME encontra-se em conformidade com as exigências constantes no edital.

4. CONCLUSÃO

Diante da conformidade dos catálogos apresentados, recomenda-se a aprovação dos itens listados, com a devida homologação para registro de preços, possibilitando a futura contratação conforme demanda da Administração.

São João do Sabugi, 22 de agosto de 2025

Pâmela Rodrigues de Oliveira

Secretaria Municipal de Planejamento e Administração

RELATÓRIO PARA APROVAÇÃO DE AMOSTRAS

PROCESSO LICITATÓRIO: PREGÃO ELETRÔNICO Nº 57/2025 PROCESSO ADMINISTRATIVO Nº 104/2025 TIPO: REGISTRO DE PREÇOS MUNICÍPIO DE SÃO JOÃO DO SABUGI - PB

1. FINALIDADE DO RELATÓRIO

Este relatório tem por objetivo registrar a verificação técnica dos catálogos apresentados pelas empresas vencedoras do certame, conforme previsto no edital do Pregão Eletrônico nº 57/2025, a fim de aprovar ou reprovar os itens amostrados, de acordo com as especificações exigidas e com base no princípio da vinculação ao instrumento convocatório.

2. ITENS APRESENTADOS PARA ANÁLISE E EMPRESAS FORNECEDORAS

A seguir, relacionam-se os itens cujo catálogo foi apresentado pela empresa vencedora de processo licitatório, para análise e aprovação:

EMPRESA: TIANE'S SOLUTIONS LTDA
LOTE 6

Descrição: BANCO DE AÇO COM QUATRO GAVETAS PARA FERRAMENTAS COM CHAVE NA COR CINZA COM PROCESSO DE SOLDA COM PINTURA EPÓXI ELETROSTÁTICA, FOSFATIZADA, A BASE DE ZINCO, ANTI-FERRUGEM; COM PUXADORES EM RESINA CROMADA E EM PVC. (MED 1.35X0.45X0.66)

Marca: VIGEL

Valor Unitário: R$ 645,11

LOTE 17

Descrição: CADEIRA GIRATÓRIA MODELO PRESIDENTE: APOIO DE BRAÇO COM REGULAGEM, ESPUMA INJETADA NO ASSENTO E ENCOSTO, REVESTIDA EM TECIDO NA COR VERMELHA, ACABAMENTO EM PVC, BASE A GÁS E REGULAGEM DE ALTURA.

Marca: VIANFLEX / 1466/30

Valor Unitário: R$ 1.199,95

LOTE 18

Descrição: CADEIRA PARA ESCRITÓRIO TIPO DIGITADOR, LINHA EXECUTIVO, ANATÔMICA, ESPALDAR ALTO, ACABAMENTO EM TECIDO REVESTIMENTO: EM TECIDO ESTRUTURA: AÇO PINTADO EPÓXI, NA COR VERMELHA. ESTOFAMENTO: ESPUMA INJETADA 50 MM. GIRATÓRIA COM BRAÇOS REGULÁVEIS. COR: VERMELHA. UNIDADE DE COMPRA: UNIDADE (E) CUMPLEM : COM PISTÃO A GÁS

Marca: VIANFLEX / 1490L

Valor Unitário: R$ 859,90

LOTE 20

Descrição: CADEIRA FIXA, ASSENTO E ENCOSTO POLIPROPILENO (COLORIDO) BASE EM AÇO COM BASE 4 PÉS EMPILHÁVEL

Marca: MH PLAST / ISO

Valor Unitário: R$ 109,92

LOTE 45

Descrição: FOGÃO INDUSTRIAL - 4 BOCAS COM FORNO, QUEIMADORES EM FERRO FUNDIDO SENDO 1 DUPLOS E 3 SIMPLES, GRELHAS 30X30 EM FERRO FUNDIDO, ACABAMENTO AÇO CARBONO, PINTURA ELETROSTÁTICA A PÓ, REGISTROS CROMADOS, BANDEJA COLETORA DE RESÍDUOS, TIPO DE GÁS: GLP, FORNO REVESTIDO EM LÃ DE VIDRO (ISOLAMENTO TÉRMICO). GARANTIA MÍNIMA DO FORNECEDOR 12 MESES

Marca: METALFOGO / P7

Valor Unitário: R$ 2.180,97

LOTE 46

Descrição: FORNO ELÉTRICO DE BANCADA 44L, DIMENSÕES INTERNAS A: 26,2 CM X L: 39 CM X P: 43CM COM TIMER, COR PRETA, 110V.

Marca: PHILCO / PFE44P

Valor Unitário: R$ 717,92

LOTE 47

Descrição: FORNO INDUSTRIAL A GÁS: FOR 2 GRADES INTERNAS, CORPO E QUEIMADORES PINTADOS E FRENTE EM INOX. QUEIMADORES EM SISTEMA DE GAVETAS, QUEIMADOR EM AÇO TUBULAR COM ACABAMENTO DE ESTRUTURAS EM SISTEMA DE AR E CHAMA MAIS PERFEITA. CÂMARA COM TRÊS PLACAS DE ENCAIXE, ISOLAMENTO EM LÃ DE ROCHA, ABERTURA TOTAL DO VIDRO FRONTAL, PÉS SUPER RESISTENTES E PINO EM PEDRA REFRATÁRIA E ESPAÇO DE ALTURA MÍNIMA 90 X 999 MM
